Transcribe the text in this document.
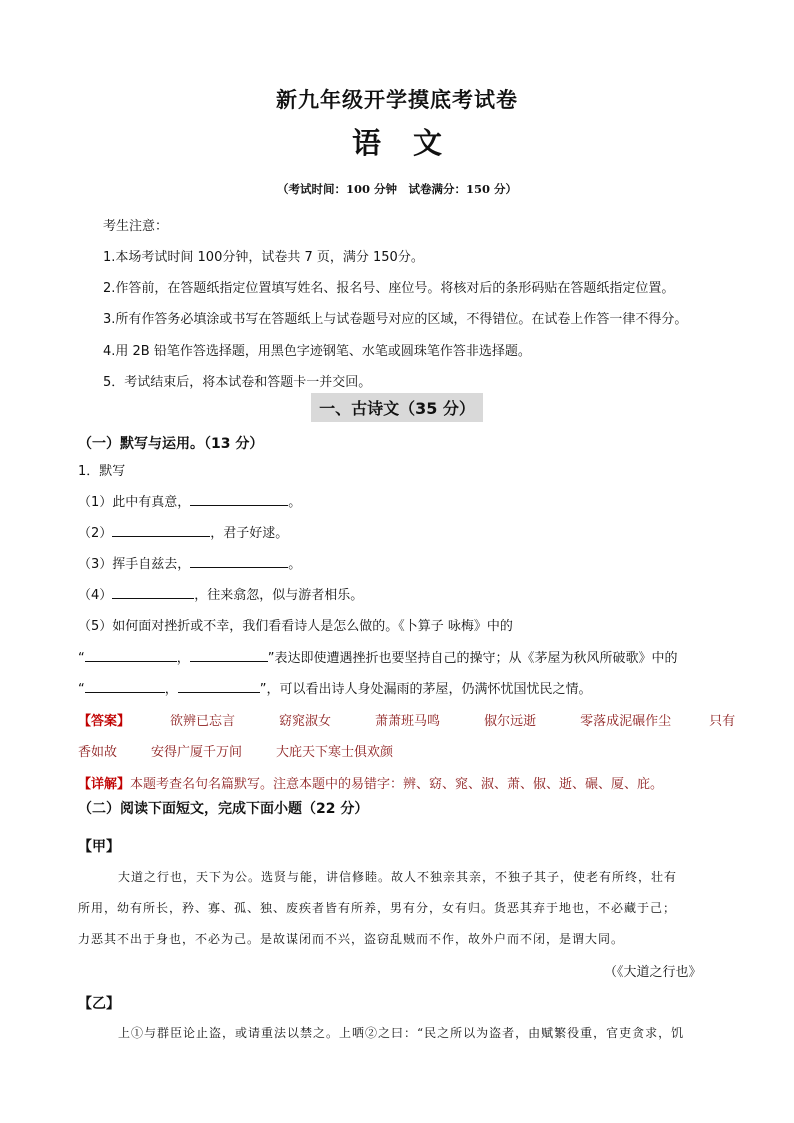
新九年级开学摸底考试卷
语 文
（考试时间：100 分钟　试卷满分：150 分）
考生注意：
1.本场考试时间 100分钟，试卷共 7 页，满分 150分。
2.作答前，在答题纸指定位置填写姓名、报名号、座位号。将核对后的条形码贴在答题纸指定位置。
3.所有作答务必填涂或书写在答题纸上与试卷题号对应的区域，不得错位。在试卷上作答一律不得分。
4.用 2B 铅笔作答选择题，用黑色字迹钢笔、水笔或圆珠笔作答非选择题。
5．考试结束后，将本试卷和答题卡一并交回。
一、古诗文（35 分）
（一）默写与运用。（13 分）
1．默写
（1）此中有真意，	。
（2）	，君子好逑。
（3）挥手自兹去，	。
（4）	，往来翕忽，似与游者相乐。
（5）如何面对挫折或不幸，我们看看诗人是怎么做的。《卜算子 咏梅》中的
“	，	”表达即使遭遇挫折也要坚持自己的操守；从《茅屋为秋风所破歌》中的
“	，	”，可以看出诗人身处漏雨的茅屋，仍满怀忧国忧民之情。
【答案】	欲辨已忘言	窈窕淑女	萧萧班马鸣	俶尔远逝	零落成泥碾作尘	只有
香如故	安得广厦千万间	大庇天下寒士俱欢颜
【详解】本题考查名句名篇默写。注意本题中的易错字：辨、窈、窕、淑、萧、俶、逝、碾、厦、庇。
（二）阅读下面短文，完成下面小题（22 分）
【甲】
大道之行也，天下为公。选贤与能，讲信修睦。故人不独亲其亲，不独子其子，使老有所终，壮有
所用，幼有所长，矜、寡、孤、独、废疾者皆有所养，男有分，女有归。货恶其弃于地也，不必藏于己；
力恶其不出于身也，不必为己。是故谋闭而不兴，盗窃乱贼而不作，故外户而不闭，是谓大同。
（《大道之行也》
【乙】
上①与群臣论止盗，或请重法以禁之。上哂②之曰：“民之所以为盗者，由赋繁役重，官吏贪求，饥
